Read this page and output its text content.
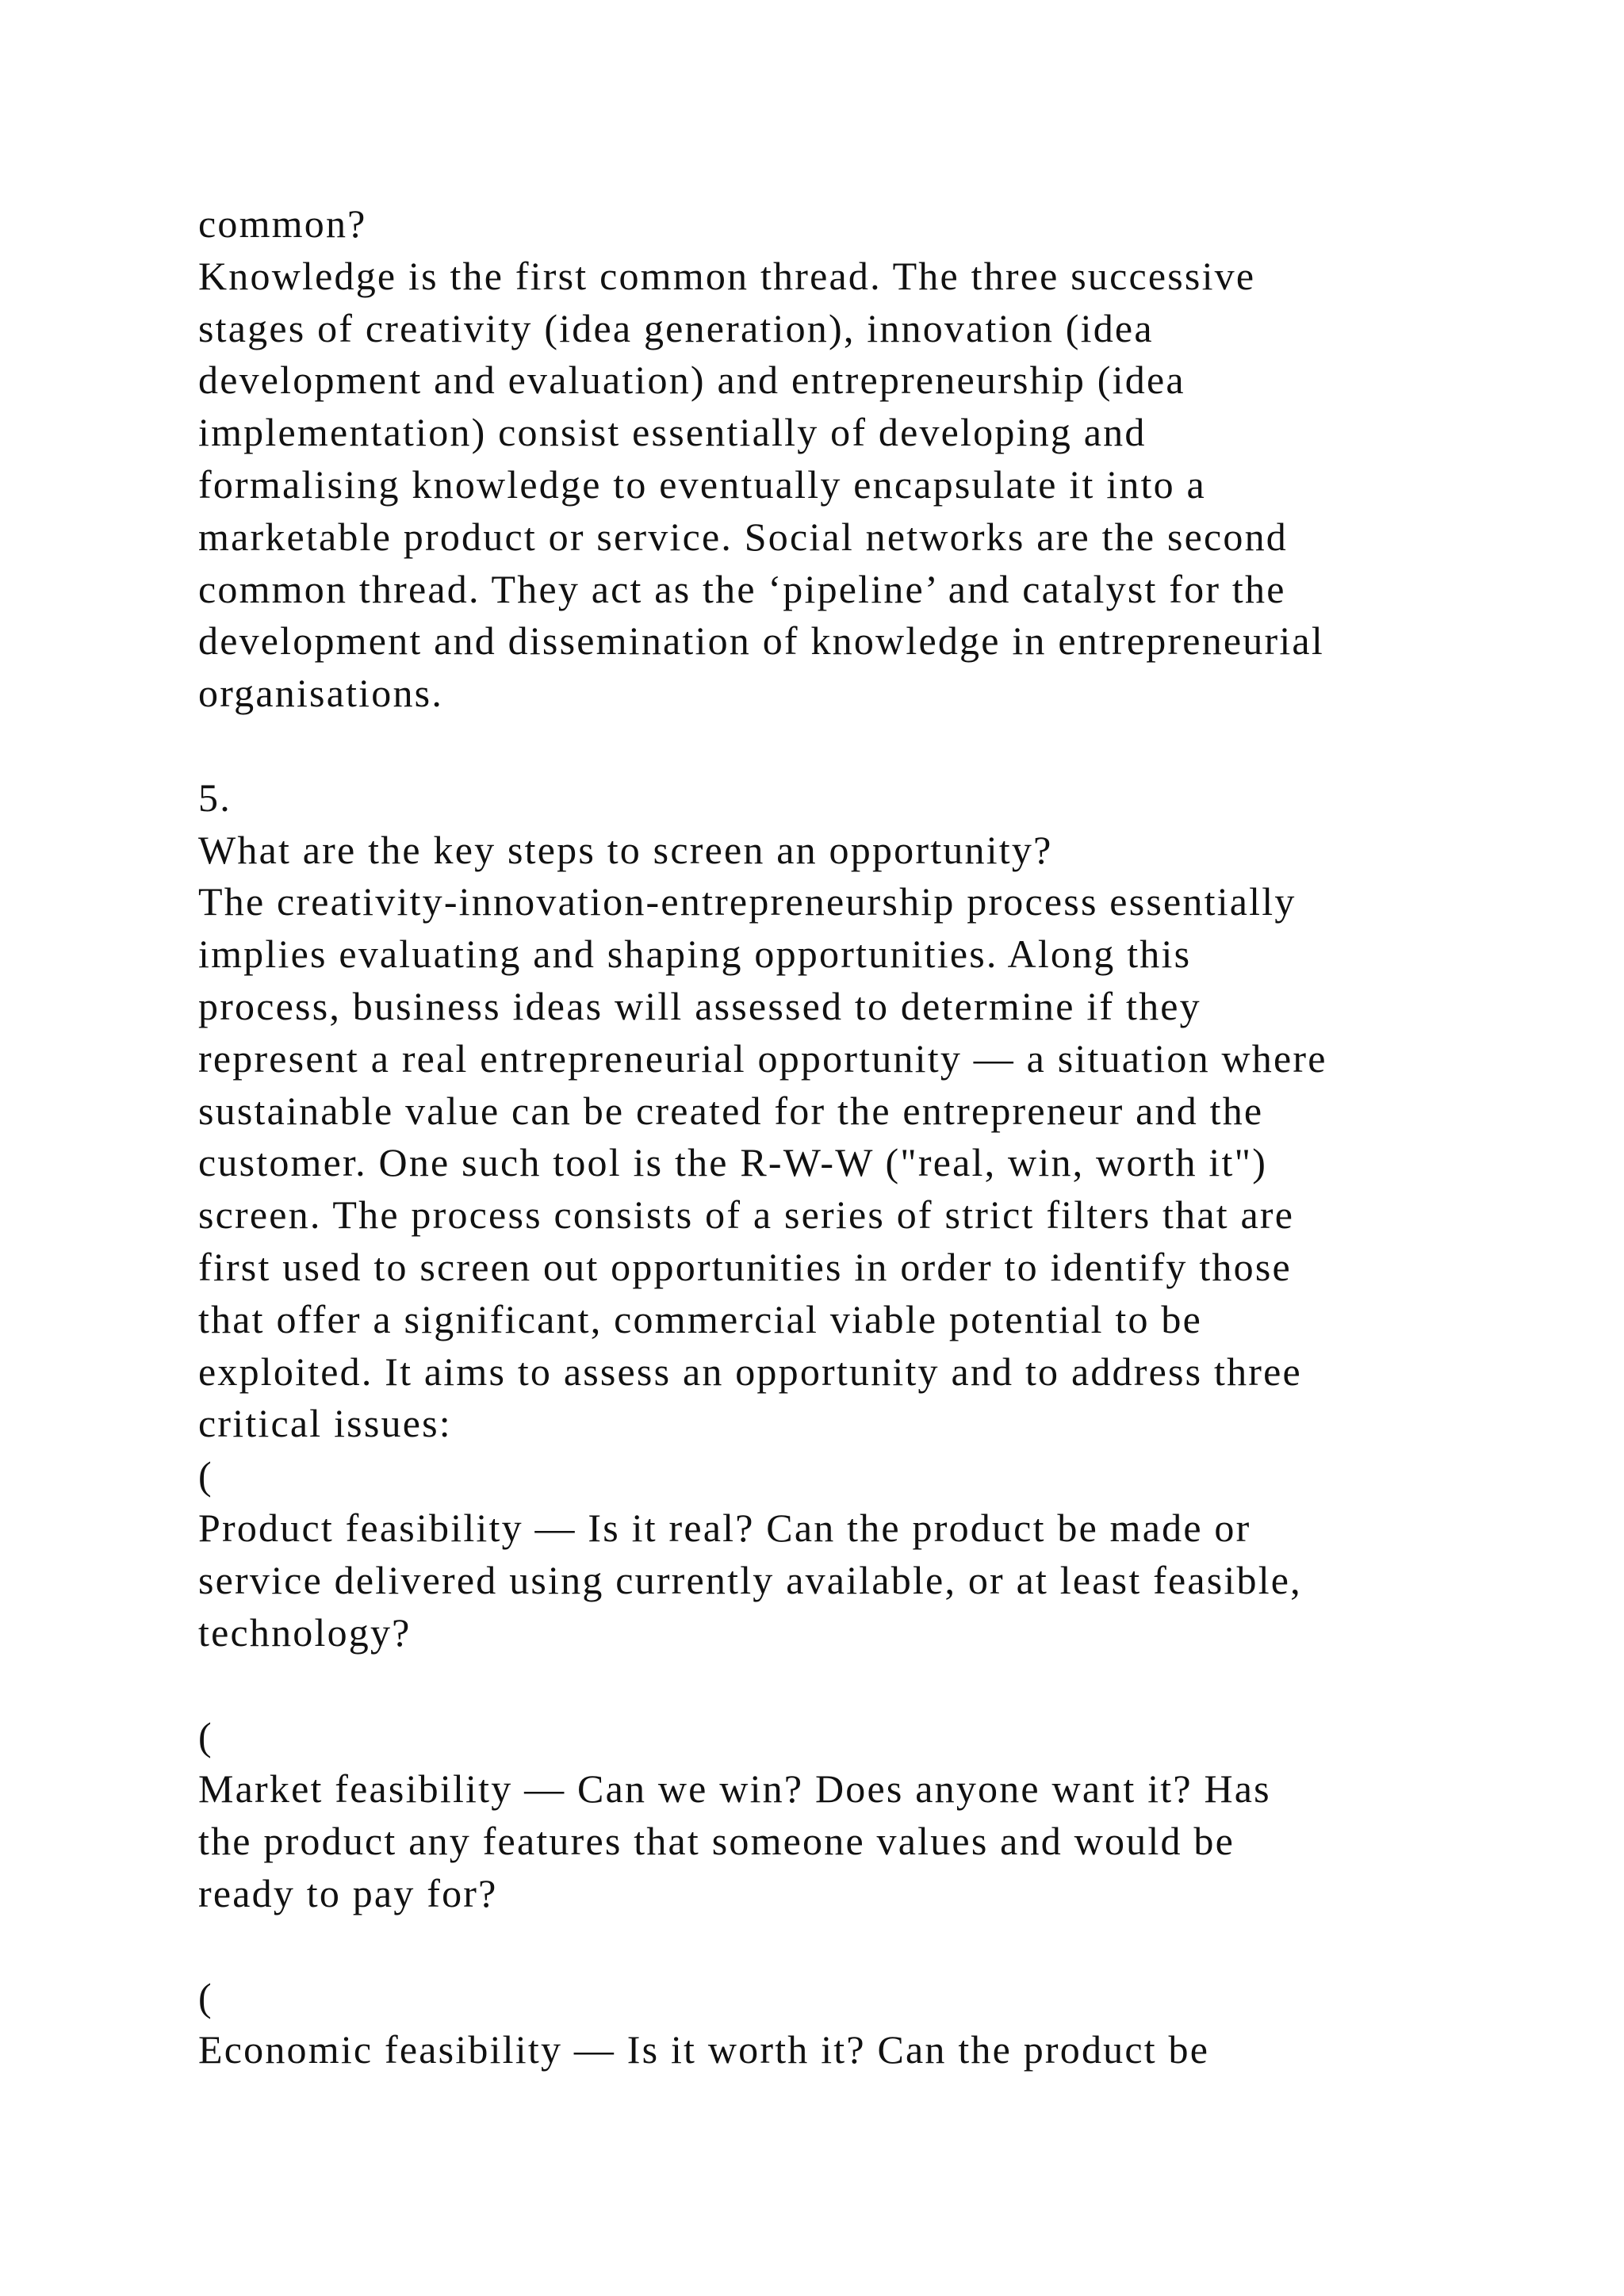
common?
Knowledge is the first common thread. The three successive
stages of creativity (idea generation), innovation (idea
development and evaluation) and entrepreneurship (idea
implementation) consist essentially of developing and
formalising knowledge to eventually encapsulate it into a
marketable product or service. Social networks are the second
common thread. They act as the ‘pipeline’ and catalyst for the
development and dissemination of knowledge in entrepreneurial
organisations.
5.
What are the key steps to screen an opportunity?
The creativity-innovation-entrepreneurship process essentially
implies evaluating and shaping opportunities. Along this
process, business ideas will assessed to determine if they
represent a real entrepreneurial opportunity — a situation where
sustainable value can be created for the entrepreneur and the
customer. One such tool is the R-W-W ("real, win, worth it")
screen. The process consists of a series of strict filters that are
first used to screen out opportunities in order to identify those
that offer a significant, commercial viable potential to be
exploited. It aims to assess an opportunity and to address three
critical issues:
(
Product feasibility — Is it real? Can the product be made or
service delivered using currently available, or at least feasible,
technology?
(
Market feasibility — Can we win? Does anyone want it? Has
the product any features that someone values and would be
ready to pay for?
(
Economic feasibility — Is it worth it? Can the product be
